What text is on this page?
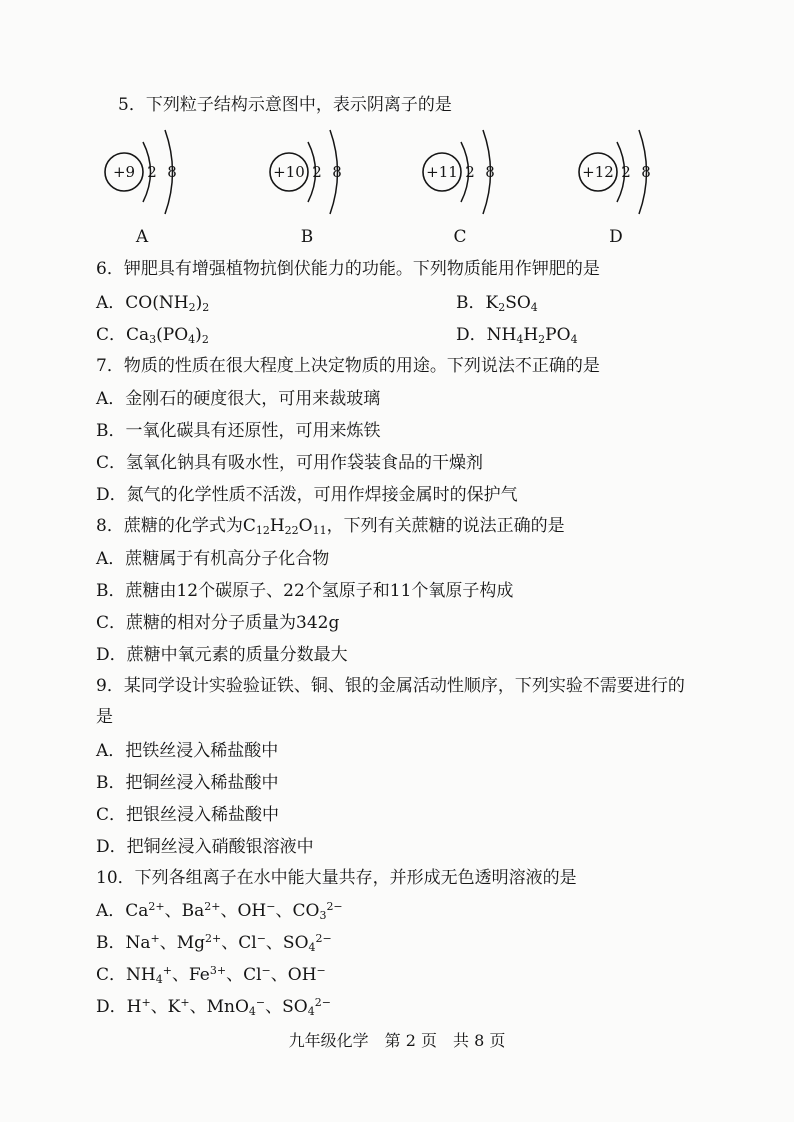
5．下列粒子结构示意图中，表示阴离子的是
+9 2 8
A
+10 2 8
B
+11 2 8
C
+12 2 8
D
6．钾肥具有增强植物抗倒伏能力的功能。下列物质能用作钾肥的是
A．$CO(NH_2)_2$	B．$K_2SO_4$
C．$Ca_3(PO_4)_2$	D．$NH_4H_2PO_4$
7．物质的性质在很大程度上决定物质的用途。下列说法不正确的是
A．金刚石的硬度很大，可用来裁玻璃
B．一氧化碳具有还原性，可用来炼铁
C．氢氧化钠具有吸水性，可用作袋装食品的干燥剂
D．氮气的化学性质不活泼，可用作焊接金属时的保护气
8．蔗糖的化学式为$C_{12}H_{22}O_{11}$，下列有关蔗糖的说法正确的是
A．蔗糖属于有机高分子化合物
B．蔗糖由12个碳原子、22个氢原子和11个氧原子构成
C．蔗糖的相对分子质量为342g
D．蔗糖中氧元素的质量分数最大
9．某同学设计实验验证铁、铜、银的金属活动性顺序，下列实验不需要进行的
是
A．把铁丝浸入稀盐酸中
B．把铜丝浸入稀盐酸中
C．把银丝浸入稀盐酸中
D．把铜丝浸入硝酸银溶液中
10．下列各组离子在水中能大量共存，并形成无色透明溶液的是
A．$Ca^{2+}$、$Ba^{2+}$、OH−、$CO_3^{2-}$
B．Na+、$Mg^{2+}$、Cl−、$SO_4^{2-}$
C．$NH_4^+$、$Fe^{3+}$、Cl−、OH−
D．H+、K+、MnO$_4$−、$SO_4^{2-}$
九年级化学　第 2 页　共 8 页
